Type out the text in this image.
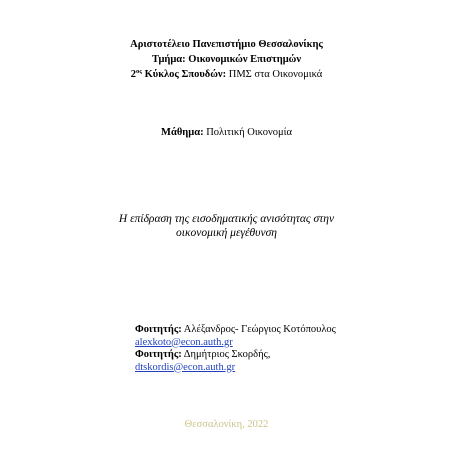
Αριστοτέλειο Πανεπιστήμιο Θεσσαλονίκης
Τμήμα: Οικονομικών Επιστημών
$2^{o\varsigma}$ Κύκλος Σπουδών: ΠΜΣ στα Οικονομικά
Μάθημα: Πολιτική Οικονομία
Η επίδραση της εισοδηματικής ανισότητας στην
οικονομική μεγέθυνση
Φοιτητής: Αλέξανδρος- Γεώργιος Κοτόπουλος
alexkoto@econ.auth.gr
Φοιτητής: Δημήτριος Σκορδής,
dtskordis@econ.auth.gr
Θεσσαλονίκη, 2022
